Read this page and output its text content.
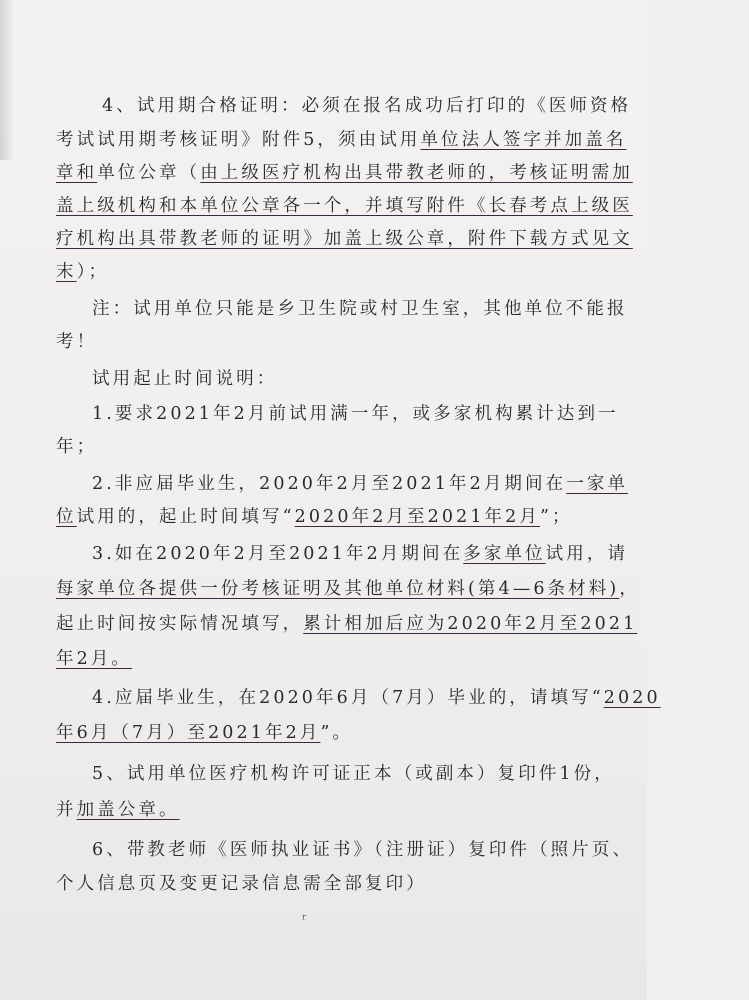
4、试用期合格证明：必须在报名成功后打印的《医师资格
考试试用期考核证明》附件5，须由试用单位法人签字并加盖名
章和单位公章（由上级医疗机构出具带教老师的，考核证明需加
盖上级机构和本单位公章各一个，并填写附件《长春考点上级医
疗机构出具带教老师的证明》加盖上级公章，附件下载方式见文
末）；
注：试用单位只能是乡卫生院或村卫生室，其他单位不能报
考！
试用起止时间说明：
1.要求2021年2月前试用满一年，或多家机构累计达到一
年；
2.非应届毕业生，2020年2月至2021年2月期间在一家单
位试用的，起止时间填写“2020年2月至2021年2月”；
3.如在2020年2月至2021年2月期间在多家单位试用，请
每家单位各提供一份考核证明及其他单位材料(第4—6条材料)，
起止时间按实际情况填写，累计相加后应为2020年2月至2021
年2月。
4.应届毕业生，在2020年6月（7月）毕业的，请填写“2020
年6月（7月）至2021年2月”。
5、试用单位医疗机构许可证正本（或副本）复印件1份，
并加盖公章。
6、带教老师《医师执业证书》（注册证）复印件（照片页、
个人信息页及变更记录信息需全部复印）
ʳ
